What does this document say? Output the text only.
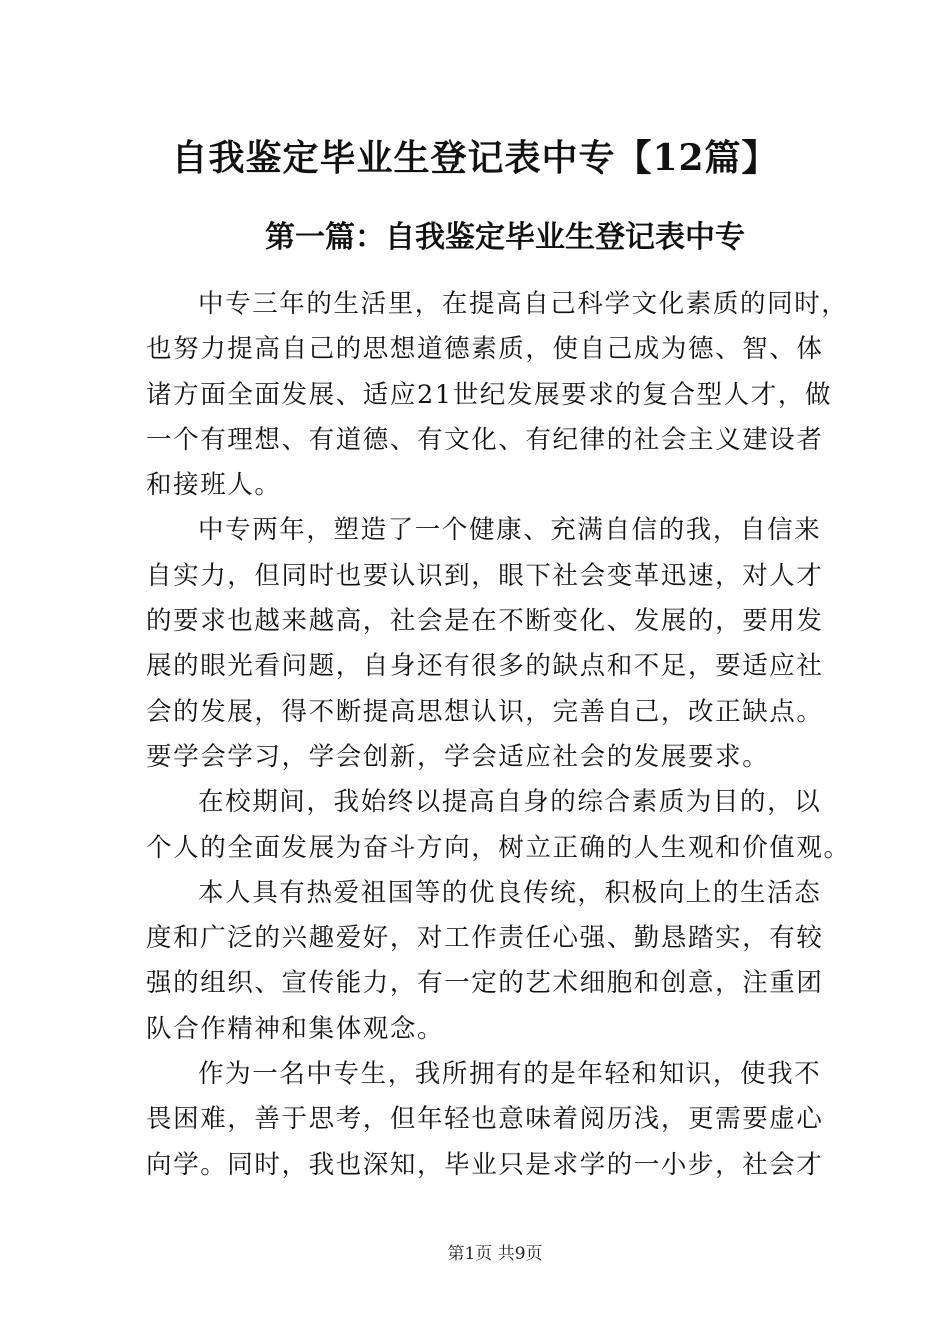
自我鉴定毕业生登记表中专【12篇】
第一篇：自我鉴定毕业生登记表中专
中专三年的生活里，在提高自己科学文化素质的同时，
也努力提高自己的思想道德素质，使自己成为德、智、体
诸方面全面发展、适应21世纪发展要求的复合型人才，做
一个有理想、有道德、有文化、有纪律的社会主义建设者
和接班人。
中专两年，塑造了一个健康、充满自信的我，自信来
自实力，但同时也要认识到，眼下社会变革迅速，对人才
的要求也越来越高，社会是在不断变化、发展的，要用发
展的眼光看问题，自身还有很多的缺点和不足，要适应社
会的发展，得不断提高思想认识，完善自己，改正缺点。
要学会学习，学会创新，学会适应社会的发展要求。
在校期间，我始终以提高自身的综合素质为目的，以
个人的全面发展为奋斗方向，树立正确的人生观和价值观。
本人具有热爱祖国等的优良传统，积极向上的生活态
度和广泛的兴趣爱好，对工作责任心强、勤恳踏实，有较
强的组织、宣传能力，有一定的艺术细胞和创意，注重团
队合作精神和集体观念。
作为一名中专生，我所拥有的是年轻和知识，使我不
畏困难，善于思考，但年轻也意味着阅历浅，更需要虚心
向学。同时，我也深知，毕业只是求学的一小步，社会才
第1页 共9页
